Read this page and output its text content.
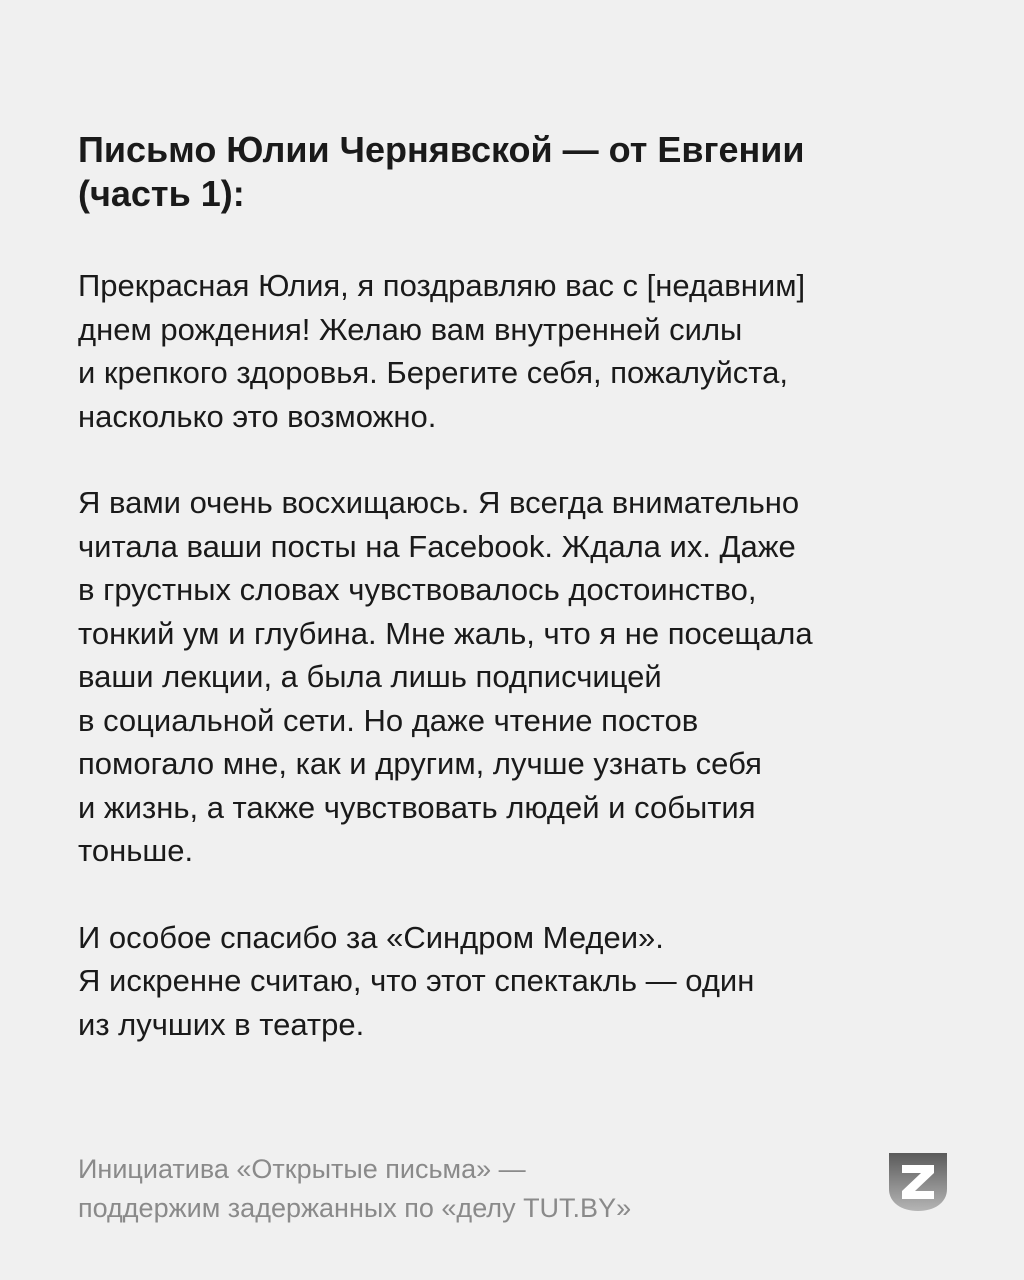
Письмо Юлии Чернявской — от Евгении
(часть 1):

Прекрасная Юлия, я поздравляю вас с [недавним]
днем рождения! Желаю вам внутренней силы
и крепкого здоровья. Берегите себя, пожалуйста,
насколько это возможно.

Я вами очень восхищаюсь. Я всегда внимательно
читала ваши посты на Facebook. Ждала их. Даже
в грустных словах чувствовалось достоинство,
тонкий ум и глубина. Мне жаль, что я не посещала
ваши лекции, а была лишь подписчицей
в социальной сети. Но даже чтение постов
помогало мне, как и другим, лучше узнать себя
и жизнь, а также чувствовать людей и события
тоньше.

И особое спасибо за «Синдром Медеи».
Я искренне считаю, что этот спектакль — один
из лучших в театре.

Инициатива «Открытые письма» —
поддержим задержанных по «делу TUT.BY»
